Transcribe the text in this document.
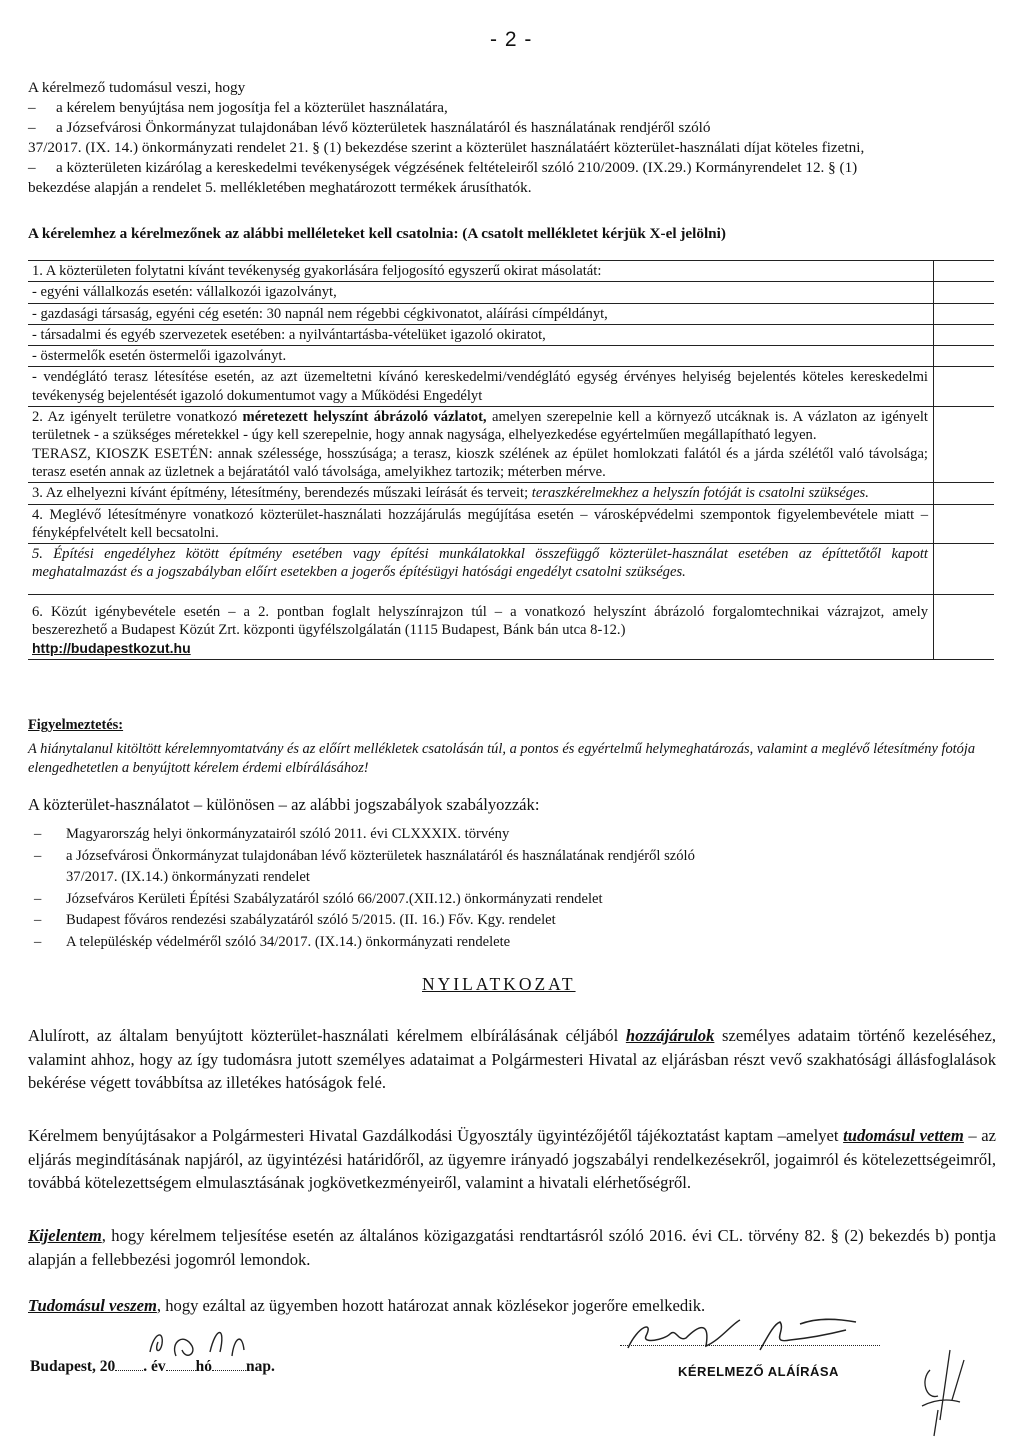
- 2 -
A kérelmező tudomásul veszi, hogy
–	a kérelem benyújtása nem jogosítja fel a közterület használatára,
–	a Józsefvárosi Önkormányzat tulajdonában lévő közterületek használatáról és használatának rendjéről szóló
37/2017. (IX. 14.) önkormányzati rendelet 21. § (1) bekezdése szerint a közterület használatáért közterület-használati díjat köteles fizetni,
–	a közterületen kizárólag a kereskedelmi tevékenységek végzésének feltételeiről szóló 210/2009. (IX.29.) Kormányrendelet 12. § (1)
bekezdése alapján a rendelet 5. mellékletében meghatározott termékek árusíthatók.
A kérelemhez a kérelmezőnek az alábbi melléleteket kell csatolnia: (A csatolt mellékletet kérjük X-el jelölni)
1. A közterületen folytatni kívánt tevékenység gyakorlására feljogosító egyszerű okirat másolatát:
- egyéni vállalkozás esetén: vállalkozói igazolványt,
- gazdasági társaság, egyéni cég esetén: 30 napnál nem régebbi cégkivonatot, aláírási címpéldányt,
- társadalmi és egyéb szervezetek esetében: a nyilvántartásba-vételüket igazoló okiratot,
- östermelők esetén östermelői igazolványt.
- vendéglátó terasz létesítése esetén, az azt üzemeltetni kívánó kereskedelmi/vendéglátó egység érvényes helyiség bejelentés köteles kereskedelmi tevékenység bejelentését igazoló dokumentumot vagy a Működési Engedélyt
2. Az igényelt területre vonatkozó méretezett helyszínt ábrázoló vázlatot, amelyen szerepelnie kell a környező utcáknak is. A vázlaton az igényelt területnek - a szükséges méretekkel - úgy kell szerepelnie, hogy annak nagysága, elhelyezkedése egyértelműen megállapítható legyen.
TERASZ, KIOSZK ESETÉN: annak szélessége, hosszúsága; a terasz, kioszk szélének az épület homlokzati falától és a járda szélétől való távolsága; terasz esetén annak az üzletnek a bejáratától való távolsága, amelyikhez tartozik; méterben mérve.
3. Az elhelyezni kívánt építmény, létesítmény, berendezés műszaki leírását és terveit; teraszkérelmekhez a helyszín fotóját is csatolni szükséges.
4. Meglévő létesítményre vonatkozó közterület-használati hozzájárulás megújítása esetén – városképvédelmi szempontok figyelembevétele miatt – fényképfelvételt kell becsatolni.
5. Építési engedélyhez kötött építmény esetében vagy építési munkálatokkal összefüggő közterület-használat esetében az építtetőtől kapott meghatalmazást és a jogszabályban előírt esetekben a jogerős építésügyi hatósági engedélyt csatolni szükséges.
6. Közút igénybevétele esetén – a 2. pontban foglalt helyszínrajzon túl – a vonatkozó helyszínt ábrázoló forgalomtechnikai vázrajzot, amely beszerezhető a Budapest Közút Zrt. központi ügyfélszolgálatán (1115 Budapest, Bánk bán utca 8-12.)
http://budapestkozut.hu
Figyelmeztetés:
A hiánytalanul kitöltött kérelemnyomtatvány és az előírt mellékletek csatolásán túl, a pontos és egyértelmű helymeghatározás, valamint a meglévő létesítmény fotója elengedhetetlen a benyújtott kérelem érdemi elbírálásához!
A közterület-használatot – különösen – az alábbi jogszabályok szabályozzák:
–	Magyarország helyi önkormányzatairól szóló 2011. évi CLXXXIX. törvény
–	a Józsefvárosi Önkormányzat tulajdonában lévő közterületek használatáról és használatának rendjéről szóló
37/2017. (IX.14.) önkormányzati rendelet
–	Józsefváros Kerületi Építési Szabályzatáról szóló 66/2007.(XII.12.) önkormányzati rendelet
–	Budapest főváros rendezési szabályzatáról szóló 5/2015. (II. 16.) Főv. Kgy. rendelet
–	A településkép védelméről szóló 34/2017. (IX.14.) önkormányzati rendelete
NYILATKOZAT
Alulírott, az általam benyújtott közterület-használati kérelmem elbírálásának céljából hozzájárulok személyes adataim történő kezeléséhez, valamint ahhoz, hogy az így tudomásra jutott személyes adataimat a Polgármesteri Hivatal az eljárásban részt vevő szakhatósági állásfoglalások bekérése végett továbbítsa az illetékes hatóságok felé.
Kérelmem benyújtásakor a Polgármesteri Hivatal Gazdálkodási Ügyosztály ügyintézőjétől tájékoztatást kaptam –amelyet tudomásul vettem – az eljárás megindításának napjáról, az ügyintézési határidőről, az ügyemre irányadó jogszabályi rendelkezésekről, jogaimról és kötelezettségeimről, továbbá kötelezettségem elmulasztásának jogkövetkezményeiről, valamint a hivatali elérhetőségről.
Kijelentem, hogy kérelmem teljesítése esetén az általános közigazgatási rendtartásról szóló 2016. évi CL. törvény 82. § (2) bekezdés b) pontja alapján a fellebbezési jogomról lemondok.
Tudomásul veszem, hogy ezáltal az ügyemben hozott határozat annak közlésekor jogerőre emelkedik.
Budapest, 20 . év hó nap.	KÉRELMEZŐ ALÁÍRÁSA
